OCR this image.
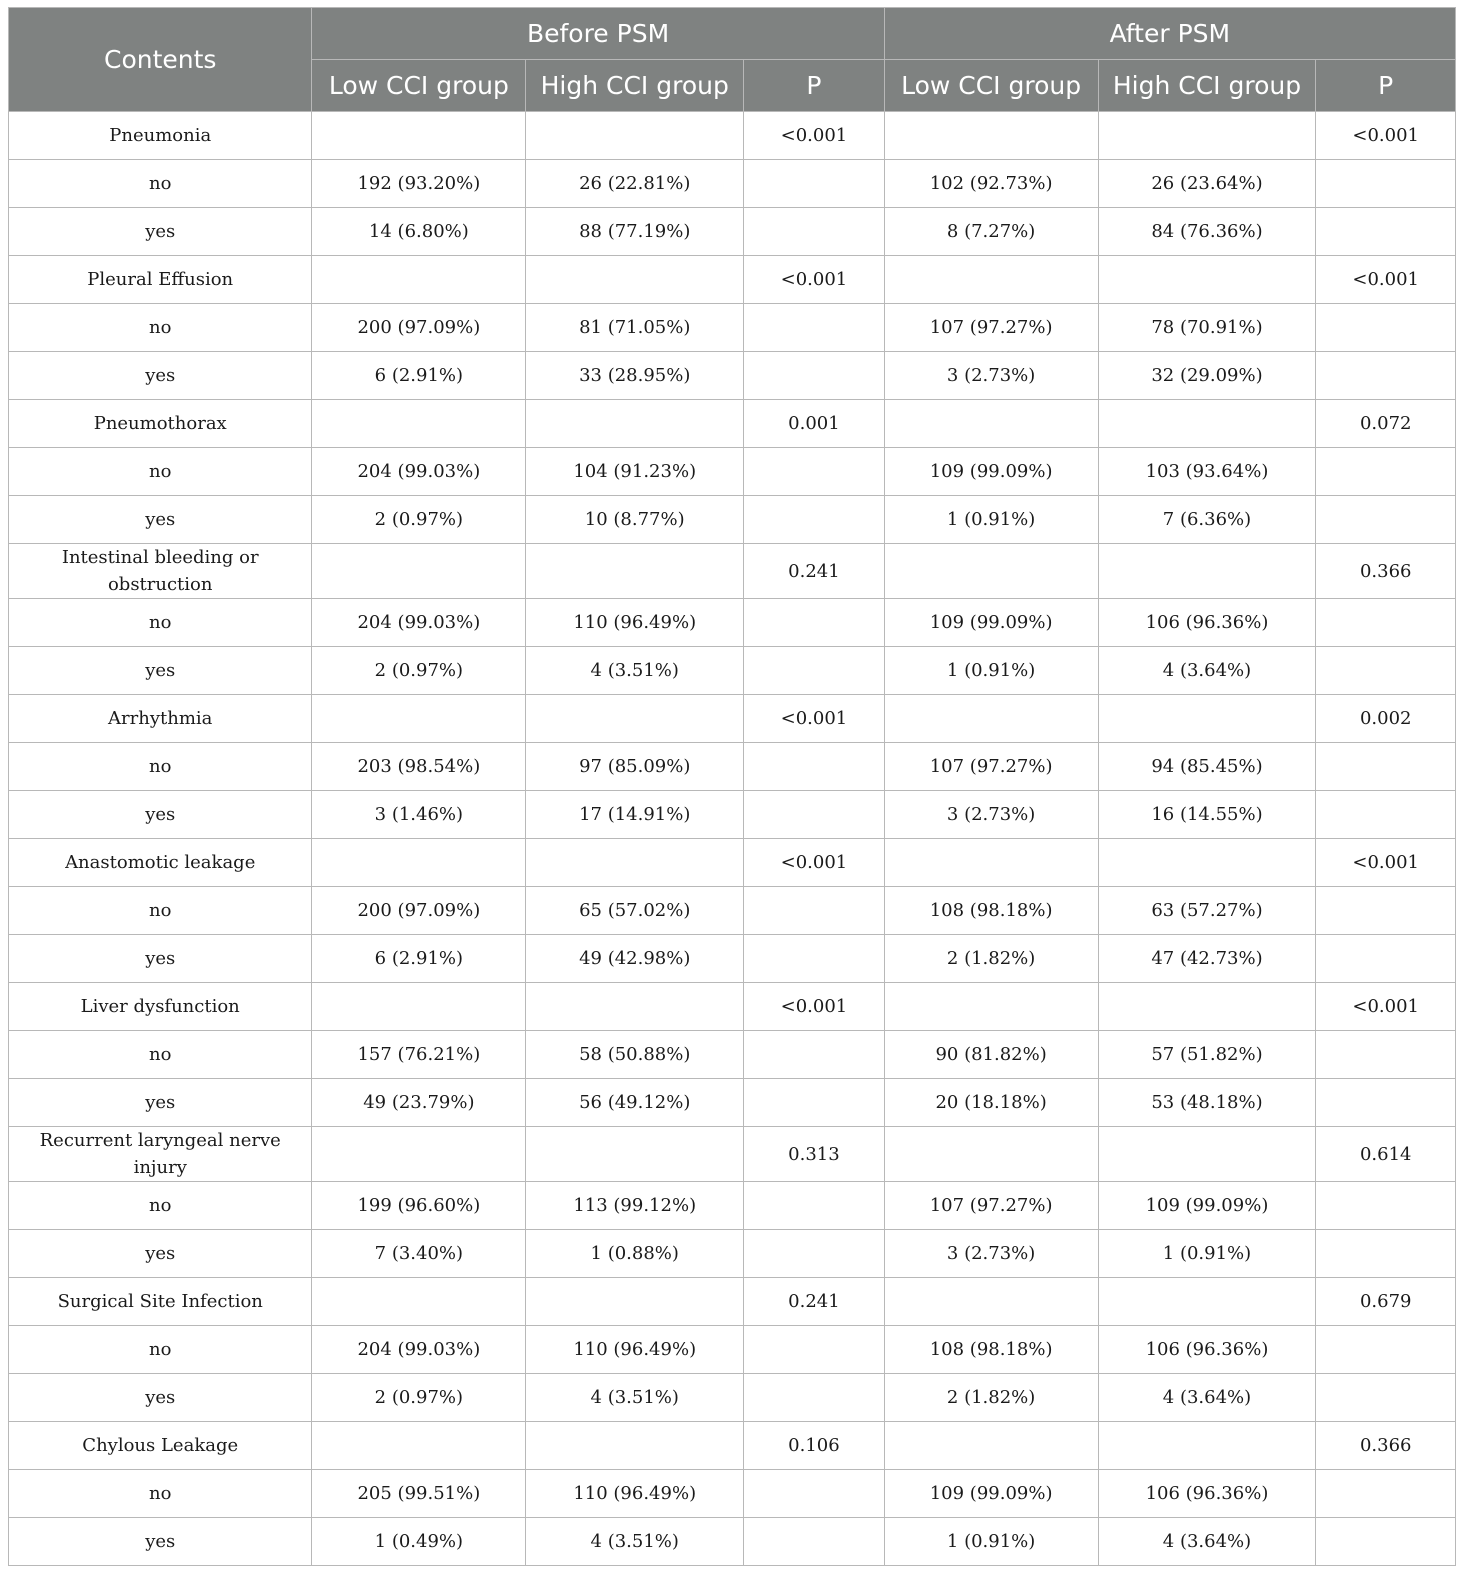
Contents	Before PSM			After PSM		
	Low CCI group	High CCI group	P	Low CCI group	High CCI group	P
Pneumonia			<0.001			<0.001
no	192 (93.20%)	26 (22.81%)		102 (92.73%)	26 (23.64%)	
yes	14 (6.80%)	88 (77.19%)		8 (7.27%)	84 (76.36%)	
Pleural Effusion			<0.001			<0.001
no	200 (97.09%)	81 (71.05%)		107 (97.27%)	78 (70.91%)	
yes	6 (2.91%)	33 (28.95%)		3 (2.73%)	32 (29.09%)	
Pneumothorax			0.001			0.072
no	204 (99.03%)	104 (91.23%)		109 (99.09%)	103 (93.64%)	
yes	2 (0.97%)	10 (8.77%)		1 (0.91%)	7 (6.36%)	
Intestinal bleeding or obstruction			0.241			0.366
no	204 (99.03%)	110 (96.49%)		109 (99.09%)	106 (96.36%)	
yes	2 (0.97%)	4 (3.51%)		1 (0.91%)	4 (3.64%)	
Arrhythmia			<0.001			0.002
no	203 (98.54%)	97 (85.09%)		107 (97.27%)	94 (85.45%)	
yes	3 (1.46%)	17 (14.91%)		3 (2.73%)	16 (14.55%)	
Anastomotic leakage			<0.001			<0.001
no	200 (97.09%)	65 (57.02%)		108 (98.18%)	63 (57.27%)	
yes	6 (2.91%)	49 (42.98%)		2 (1.82%)	47 (42.73%)	
Liver dysfunction			<0.001			<0.001
no	157 (76.21%)	58 (50.88%)		90 (81.82%)	57 (51.82%)	
yes	49 (23.79%)	56 (49.12%)		20 (18.18%)	53 (48.18%)	
Recurrent laryngeal nerve injury			0.313			0.614
no	199 (96.60%)	113 (99.12%)		107 (97.27%)	109 (99.09%)	
yes	7 (3.40%)	1 (0.88%)		3 (2.73%)	1 (0.91%)	
Surgical Site Infection			0.241			0.679
no	204 (99.03%)	110 (96.49%)		108 (98.18%)	106 (96.36%)	
yes	2 (0.97%)	4 (3.51%)		2 (1.82%)	4 (3.64%)	
Chylous Leakage			0.106			0.366
no	205 (99.51%)	110 (96.49%)		109 (99.09%)	106 (96.36%)	
yes	1 (0.49%)	4 (3.51%)		1 (0.91%)	4 (3.64%)	
